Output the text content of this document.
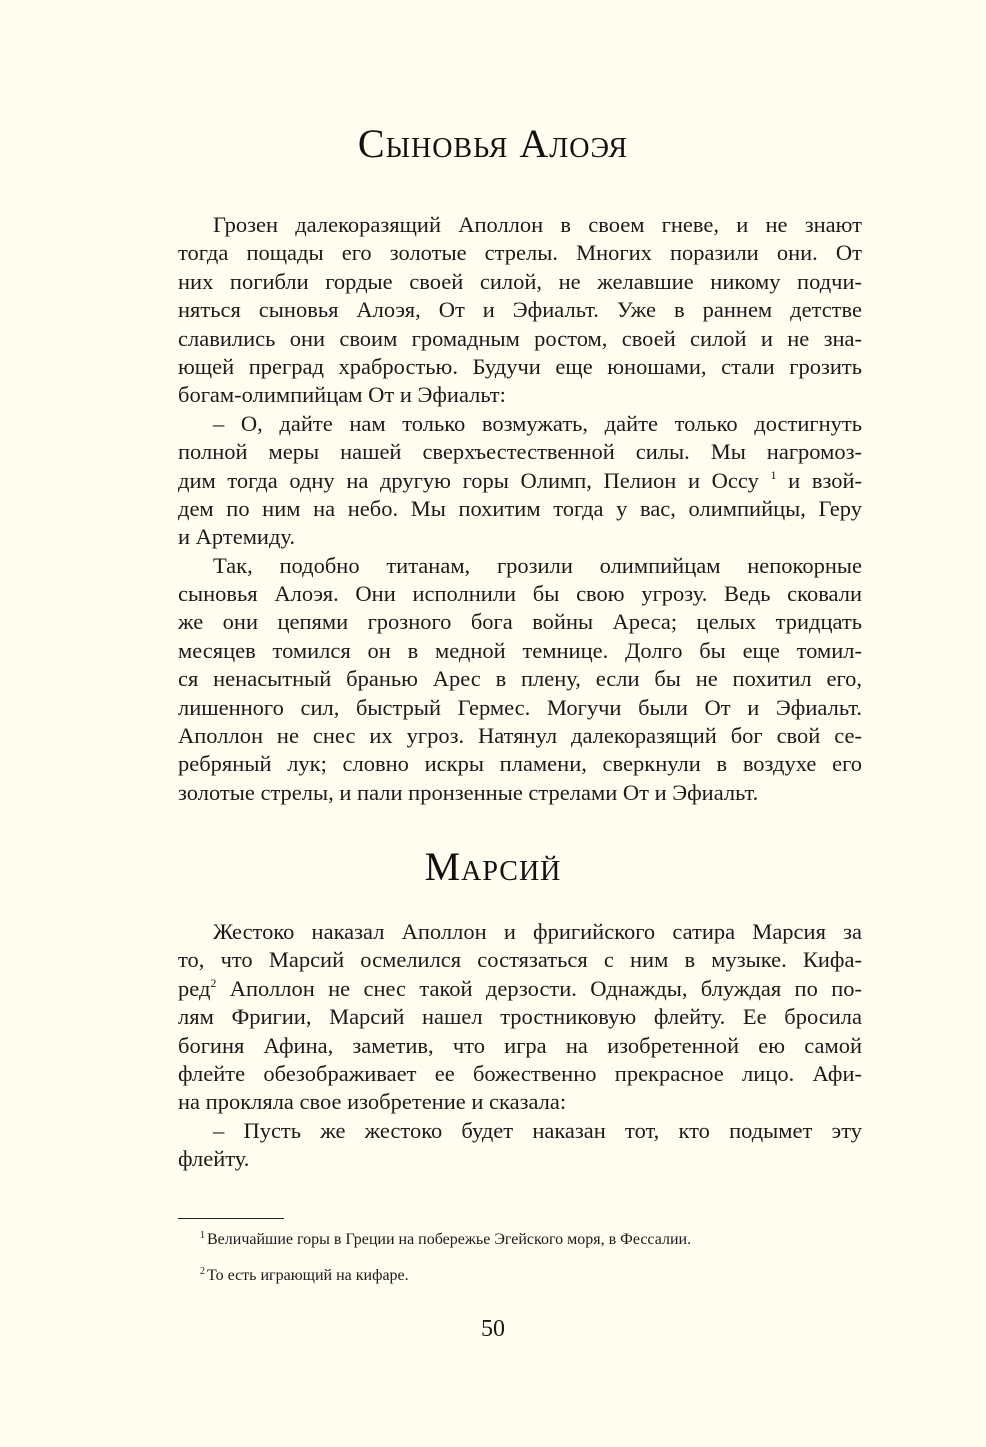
Сыновья Алоэя
Грозен далекоразящий Аполлон в своем гневе, и не знают
тогда пощады его золотые стрелы. Многих поразили они. От
них погибли гордые своей силой, не желавшие никому подчи-
няться сыновья Алоэя, От и Эфиальт. Уже в раннем детстве
славились они своим громадным ростом, своей силой и не зна-
ющей преград храбростью. Будучи еще юношами, стали грозить
богам-олимпийцам От и Эфиальт:
– О, дайте нам только возмужать, дайте только достигнуть
полной меры нашей сверхъестественной силы. Мы нагромоз-
дим тогда одну на другую горы Олимп, Пелион и Оссу $^1$ и взой-
дем по ним на небо. Мы похитим тогда у вас, олимпийцы, Геру
и Артемиду.
Так, подобно титанам, грозили олимпийцам непокорные
сыновья Алоэя. Они исполнили бы свою угрозу. Ведь сковали
же они цепями грозного бога войны Ареса; целых тридцать
месяцев томился он в медной темнице. Долго бы еще томил-
ся ненасытный бранью Арес в плену, если бы не похитил его,
лишенного сил, быстрый Гермес. Могучи были От и Эфиальт.
Аполлон не снес их угроз. Натянул далекоразящий бог свой се-
ребряный лук; словно искры пламени, сверкнули в воздухе его
золотые стрелы, и пали пронзенные стрелами От и Эфиальт.
Марсий
Жестоко наказал Аполлон и фригийского сатира Марсия за
то, что Марсий осмелился состязаться с ним в музыке. Кифа-
ред$^2$ Аполлон не снес такой дерзости. Однажды, блуждая по по-
лям Фригии, Марсий нашел тростниковую флейту. Ее бросила
богиня Афина, заметив, что игра на изобретенной ею самой
флейте обезображивает ее божественно прекрасное лицо. Афи-
на прокляла свое изобретение и сказала:
– Пусть же жестоко будет наказан тот, кто подымет эту
флейту.
$^1$ Величайшие горы в Греции на побережье Эгейского моря, в Фессалии.
$^2$ То есть играющий на кифаре.
50
